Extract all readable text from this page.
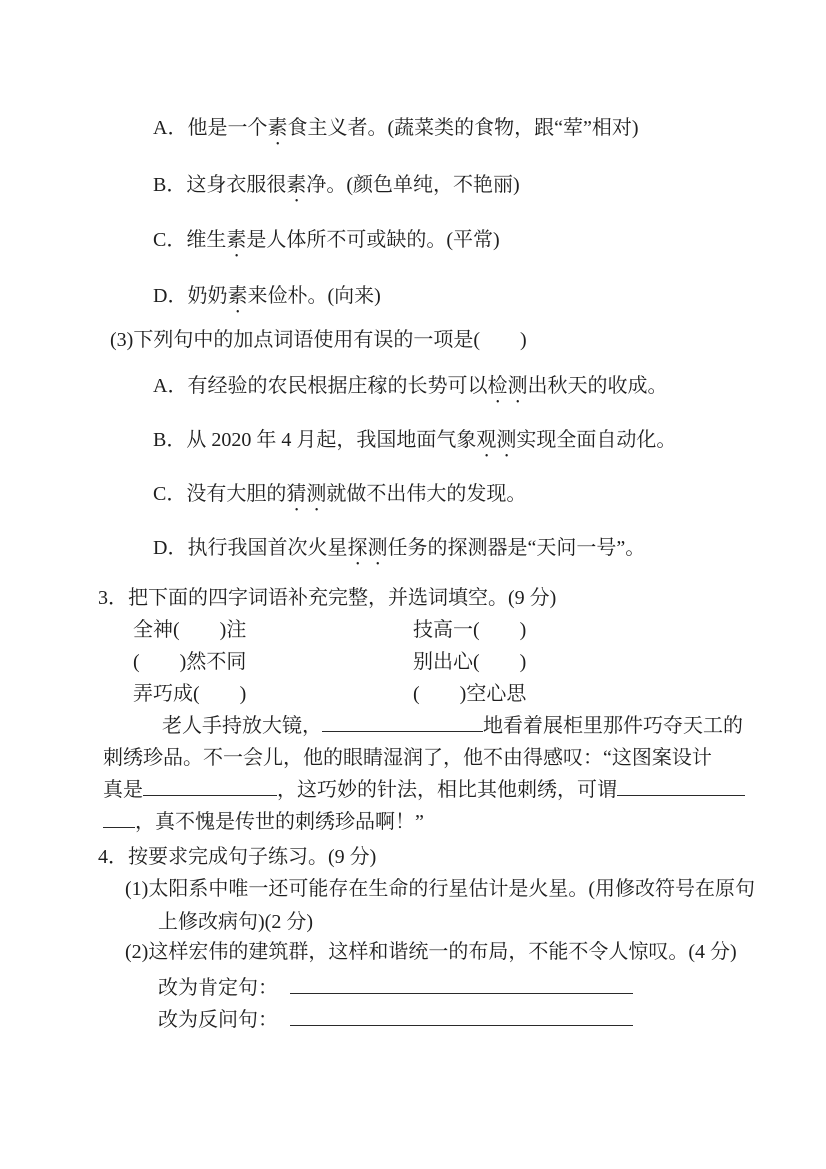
A．他是一个素食主义者。(蔬菜类的食物，跟“荤”相对)
B．这身衣服很素净。(颜色单纯，不艳丽)
C．维生素是人体所不可或缺的。(平常)
D．奶奶素来俭朴。(向来)
(3)下列句中的加点词语使用有误的一项是(　　)
A．有经验的农民根据庄稼的长势可以检测出秋天的收成。
B．从 2020 年 4 月起，我国地面气象观测实现全面自动化。
C．没有大胆的猜测就做不出伟大的发现。
D．执行我国首次火星探测任务的探测器是“天问一号”。
3．把下面的四字词语补充完整，并选词填空。(9 分)
全神(　　)注	技高一(　　)
(　　)然不同	别出心(　　)
弄巧成(　　)	(　　)空心思
老人手持放大镜，	地看着展柜里那件巧夺天工的
刺绣珍品。不一会儿，他的眼睛湿润了，他不由得感叹：“这图案设计
真是	，这巧妙的针法，相比其他刺绣，可谓
，真不愧是传世的刺绣珍品啊！”
4．按要求完成句子练习。(9 分)
(1)太阳系中唯一还可能存在生命的行星估计是火星。(用修改符号在原句
上修改病句)(2 分)
(2)这样宏伟的建筑群，这样和谐统一的布局，不能不令人惊叹。(4 分)
改为肯定句：
改为反问句：
